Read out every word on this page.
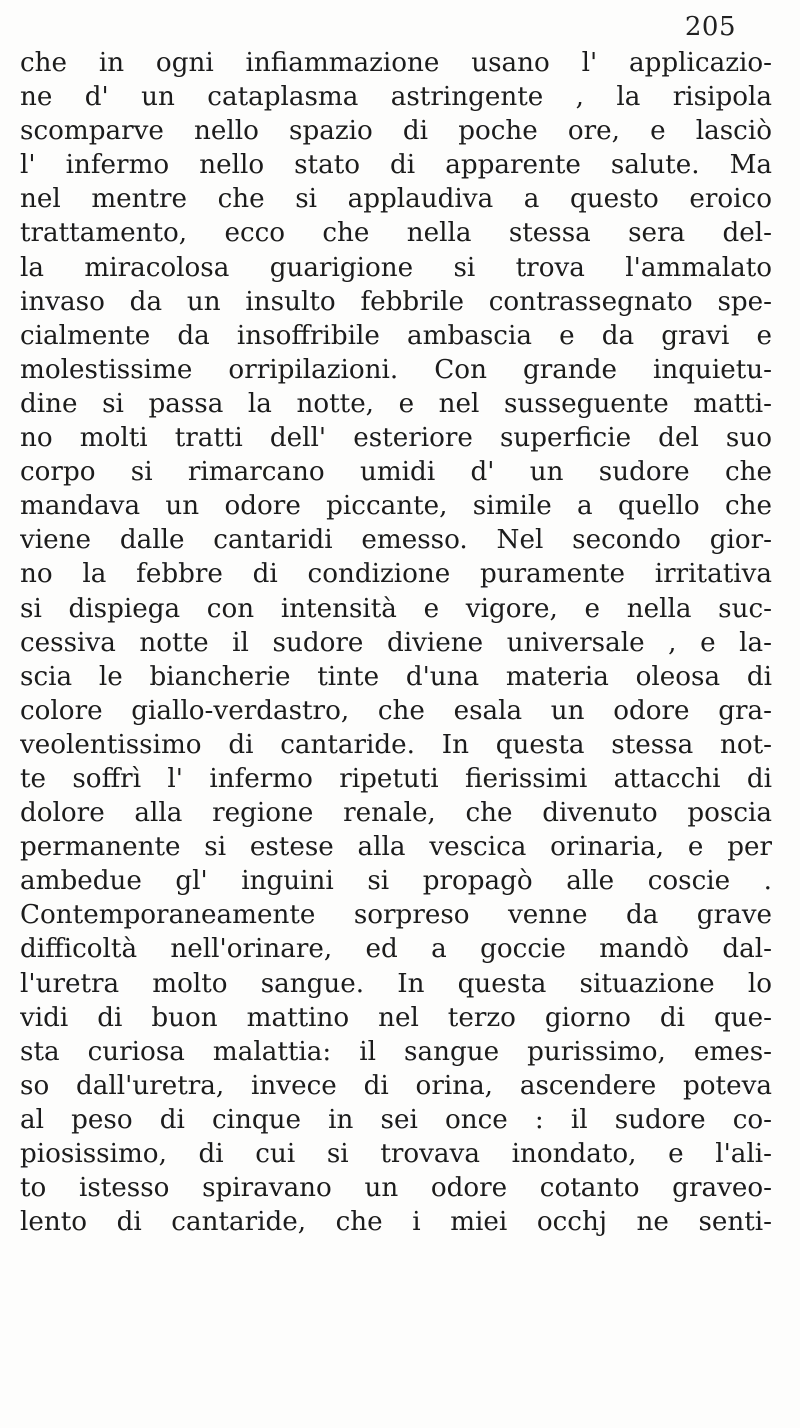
205
che in ogni infiammazione usano l' applicazio-
ne d' un cataplasma astringente , la risipola
scomparve nello spazio di poche ore, e lasciò
l' infermo nello stato di apparente salute. Ma
nel mentre che si applaudiva a questo eroico
trattamento, ecco che nella stessa sera del-
la miracolosa guarigione si trova l'ammalato
invaso da un insulto febbrile contrassegnato spe-
cialmente da insoffribile ambascia e da gravi e
molestissime orripilazioni. Con grande inquietu-
dine si passa la notte, e nel susseguente matti-
no molti tratti dell' esteriore superficie del suo
corpo si rimarcano umidi d' un sudore che
mandava un odore piccante, simile a quello che
viene dalle cantaridi emesso. Nel secondo gior-
no la febbre di condizione puramente irritativa
si dispiega con intensità e vigore, e nella suc-
cessiva notte il sudore diviene universale , e la-
scia le biancherie tinte d'una materia oleosa di
colore giallo-verdastro, che esala un odore gra-
veolentissimo di cantaride. In questa stessa not-
te soffrì l' infermo ripetuti fierissimi attacchi di
dolore alla regione renale, che divenuto poscia
permanente si estese alla vescica orinaria, e per
ambedue gl' inguini si propagò alle coscie .
Contemporaneamente sorpreso venne da grave
difficoltà nell'orinare, ed a goccie mandò dal-
l'uretra molto sangue. In questa situazione lo
vidi di buon mattino nel terzo giorno di que-
sta curiosa malattia: il sangue purissimo, emes-
so dall'uretra, invece di orina, ascendere poteva
al peso di cinque in sei once : il sudore co-
piosissimo, di cui si trovava inondato, e l'ali-
to istesso spiravano un odore cotanto graveo-
lento di cantaride, che i miei occhj ne senti-
